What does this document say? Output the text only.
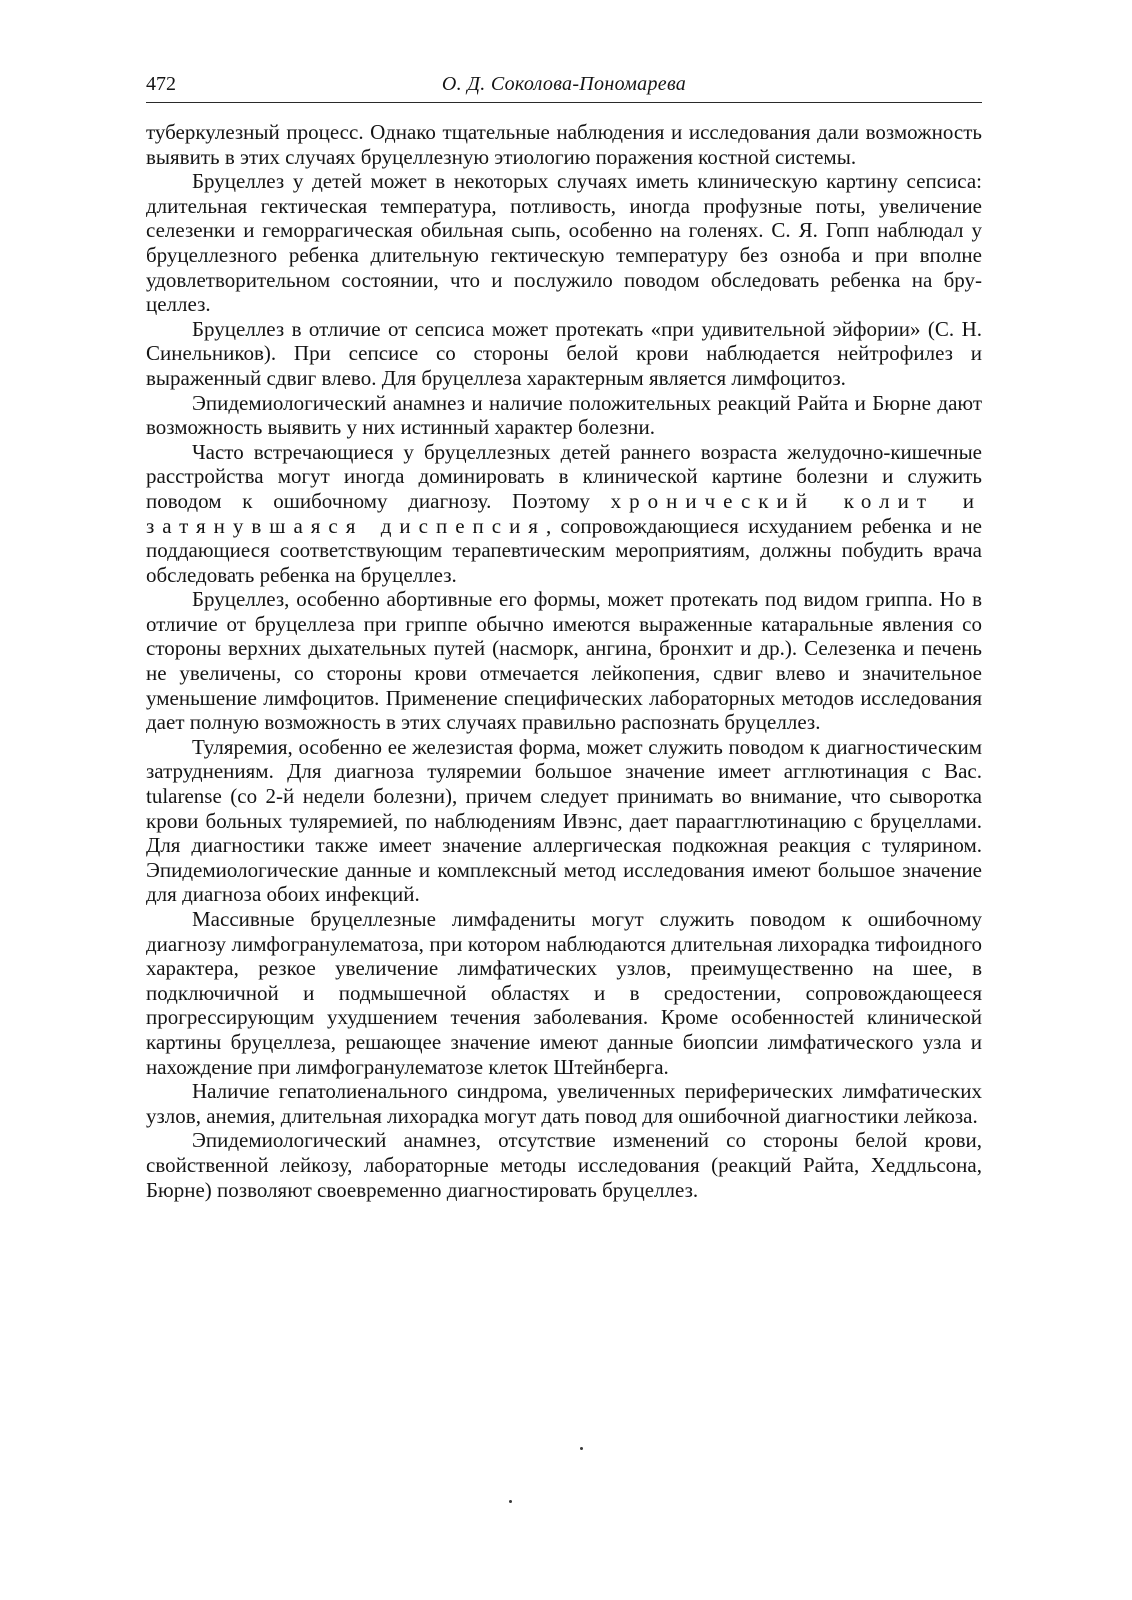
472	О. Д. Соколова-Пономарева

туберкулезный процесс. Однако тщательные наблюдения и исследования дали возможность выявить в этих случаях бруцеллезную этиологию поражения костной системы.

Бруцеллез у детей может в некоторых случаях иметь клиническую картину сепсиса: длительная гектическая температура, потливость, иногда профузные поты, увеличение селезенки и геморрагическая обильная сыпь, особенно на голенях. С. Я. Гопп наблюдал у бруцеллезного ребенка длительную гектическую температуру без озноба и при вполне удовлетворительном состоянии, что и послужило поводом обследовать ребенка на бруцеллез.

Бруцеллез в отличие от сепсиса может протекать «при удивительной эйфории» (С. Н. Синельников). При сепсисе со стороны белой крови наблюдается нейтрофилез и выраженный сдвиг влево. Для бруцеллеза характерным является лимфоцитоз.

Эпидемиологический анамнез и наличие положительных реакций Райта и Бюрне дают возможность выявить у них истинный характер болезни.

Часто встречающиеся у бруцеллезных детей раннего возраста желудочно-кишечные расстройства могут иногда доминировать в клинической картине болезни и служить поводом к ошибочному диагнозу. Поэтому хронический колит и затянувшаяся диспепсия, сопровождающиеся исхуданием ребенка и не поддающиеся соответствующим терапевтическим мероприятиям, должны побудить врача обследовать ребенка на бруцеллез.

Бруцеллез, особенно абортивные его формы, может протекать под видом гриппа. Но в отличие от бруцеллеза при гриппе обычно имеются выраженные катаральные явления со стороны верхних дыхательных путей (насморк, ангина, бронхит и др.). Селезенка и печень не увеличены, со стороны крови отмечается лейкопения, сдвиг влево и значительное уменьшение лимфоцитов. Применение специфических лабораторных методов исследования дает полную возможность в этих случаях правильно распознать бруцеллез.

Туляремия, особенно ее железистая форма, может служить поводом к диагностическим затруднениям. Для диагноза туляремии большое значение имеет агглютинация с Bac. tularense (со 2-й недели болезни), причем следует принимать во внимание, что сыворотка крови больных туляремией, по наблюдениям Ивэнс, дает параагглютинацию с бруцеллами. Для диагностики также имеет значение аллергическая подкожная реакция с тулярином. Эпидемиологические данные и комплексный метод исследования имеют большое значение для диагноза обоих инфекций.

Массивные бруцеллезные лимфадениты могут служить поводом к ошибочному диагнозу лимфогранулематоза, при котором наблюдаются длительная лихорадка тифоидного характера, резкое увеличение лимфатических узлов, преимущественно на шее, в подключичной и подмышечной областях и в средостении, сопровождающееся прогрессирующим ухудшением течения заболевания. Кроме особенностей клинической картины бруцеллеза, решающее значение имеют данные биопсии лимфатического узла и нахождение при лимфогранулематозе клеток Штейнберга.

Наличие гепатолиенального синдрома, увеличенных периферических лимфатических узлов, анемия, длительная лихорадка могут дать повод для ошибочной диагностики лейкоза.

Эпидемиологический анамнез, отсутствие изменений со стороны белой крови, свойственной лейкозу, лабораторные методы исследования (реакций Райта, Хеддльсона, Бюрне) позволяют своевременно диагностировать бруцеллез.
